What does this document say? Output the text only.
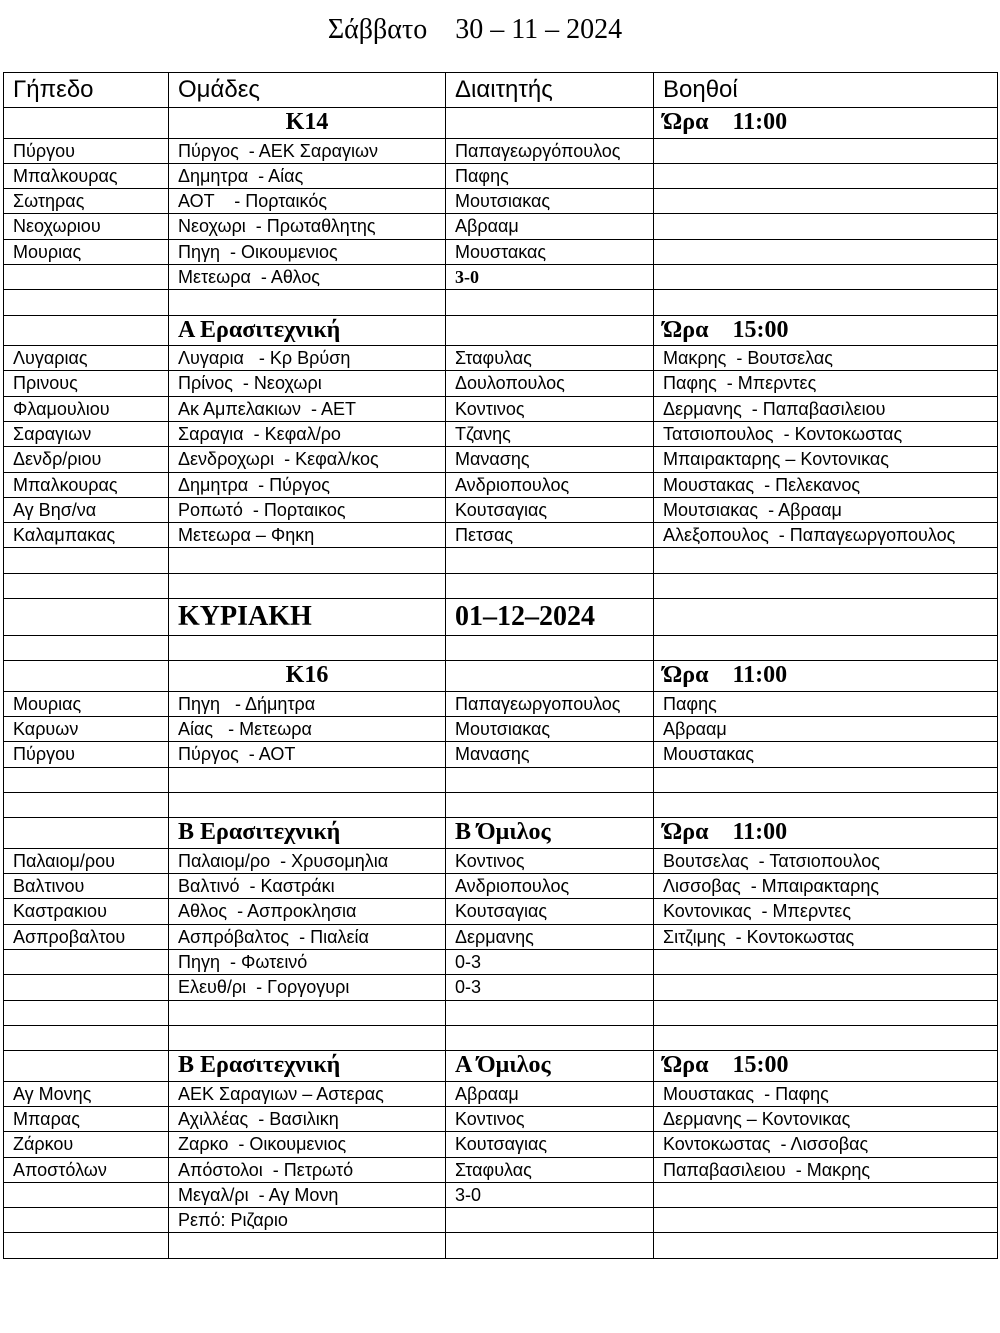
Σάββατο    30 – 11 – 2024
Γήπεδο	Ομάδες	Διαιτητής	Βοηθοί
	K14		Ώρα    11:00
Πύργου	Πύργος  - ΑΕΚ Σαραγιων	Παπαγεωργόπουλος	
Μπαλκουρας	Δημητρα  - Αίας	Παφης	
Σωτηρας	ΑΟΤ    - Πορταικός	Μουτσιακας	
Νεοχωριου	Νεοχωρι  - Πρωταθλητης	Αβρααμ	
Μουριας	Πηγη  - Οικουμενιος	Μουστακας	
	Μετεωρα  - Αθλος	3-0	

	Α Ερασιτεχνική		Ώρα    15:00
Λυγαριας	Λυγαρια   - Κρ Βρύση	Σταφυλας	Μακρης  - Βουτσελας
Πρινους	Πρίνος  - Νεοχωρι	Δουλοπουλος	Παφης  - Μπερντες
Φλαμουλιου	Ακ Αμπελακιων  - ΑΕΤ	Κοντινος	Δερμανης  - Παπαβασιλειου
Σαραγιων	Σαραγια  - Κεφαλ/ρο	Τζανης	Τατσιοπουλος  - Κοντοκωστας
Δενδρ/ριου	Δενδροχωρι  - Κεφαλ/κος	Μανασης	Μπαιρακταρης – Κοντονικας
Μπαλκουρας	Δημητρα  - Πύργος	Ανδριοπουλος	Μουστακας  - Πελεκανος
Αγ Βησ/να	Ροπωτό  - Πορταικος	Κουτσαγιας	Μουτσιακας  - Αβρααμ
Καλαμπακας	Μετεωρα – Φηκη	Πετσας	Αλεξοπουλος  - Παπαγεωργοπουλος

	ΚΥΡΙΑΚΗ	01–12–2024	

	K16		Ώρα    11:00
Μουριας	Πηγη   - Δήμητρα	Παπαγεωργοπουλος	Παφης
Καρυων	Αίας   - Μετεωρα	Μουτσιακας	Αβρααμ
Πύργου	Πύργος  - ΑΟΤ	Μανασης	Μουστακας

	Β Ερασιτεχνική	Β Όμιλος	Ώρα    11:00
Παλαιομ/ρου	Παλαιομ/ρο  - Χρυσομηλια	Κοντινος	Βουτσελας  - Τατσιοπουλος
Βαλτινου	Βαλτινό  - Καστράκι	Ανδριοπουλος	Λισσοβας  - Μπαιρακταρης
Καστρακιου	Αθλος  - Ασπροκλησια	Κουτσαγιας	Κοντονικας  - Μπερντες
Ασπροβαλτου	Ασπρόβαλτος  - Πιαλεία	Δερμανης	Σιτζιμης  - Κοντοκωστας
	Πηγη  - Φωτεινό	0-3	
	Ελευθ/ρι  - Γοργογυρι	0-3	

	Β Ερασιτεχνική	Α Όμιλος	Ώρα    15:00
Αγ Μονης	ΑΕΚ Σαραγιων – Αστερας	Αβρααμ	Μουστακας  - Παφης
Μπαρας	Αχιλλέας  - Βασιλικη	Κοντινος	Δερμανης – Κοντονικας
Ζάρκου	Ζαρκο  - Οικουμενιος	Κουτσαγιας	Κοντοκωστας  - Λισσοβας
Αποστόλων	Απόστολοι  - Πετρωτό	Σταφυλας	Παπαβασιλειου  - Μακρης
	Μεγαλ/ρι  - Αγ Μονη	3-0	
	Ρεπό: Ριζαριο		
